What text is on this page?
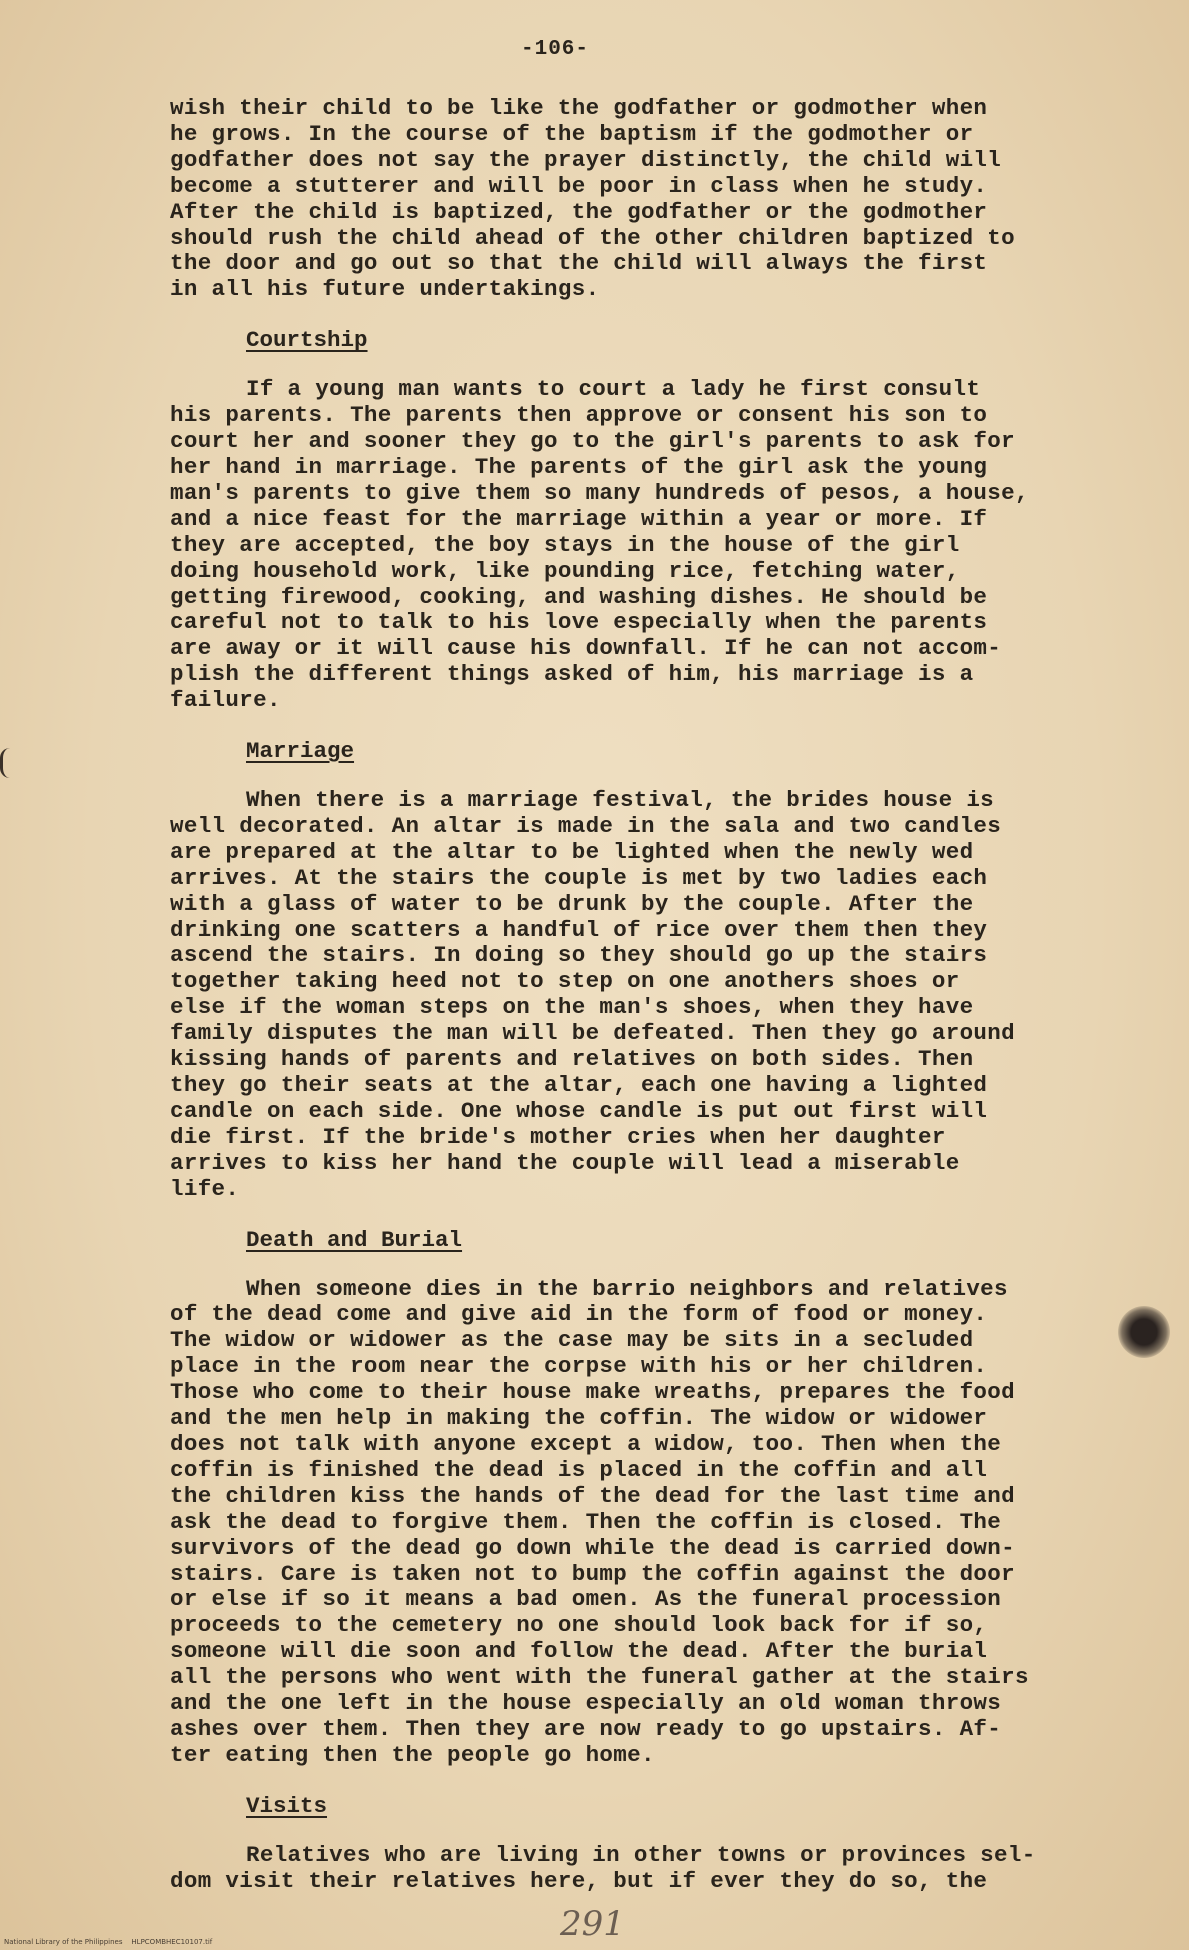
-106-
wish their child to be like the godfather or godmother when
he grows. In the course of the baptism if the godmother or
godfather does not say the prayer distinctly, the child will
become a stutterer and will be poor in class when he study.
After the child is baptized, the godfather or the godmother
should rush the child ahead of the other children baptized to
the door and go out so that the child will always the first
in all his future undertakings.
Courtship
If a young man wants to court a lady he first consult
his parents. The parents then approve or consent his son to
court her and sooner they go to the girl's parents to ask for
her hand in marriage. The parents of the girl ask the young
man's parents to give them so many hundreds of pesos, a house,
and a nice feast for the marriage within a year or more. If
they are accepted, the boy stays in the house of the girl
doing household work, like pounding rice, fetching water,
getting firewood, cooking, and washing dishes. He should be
careful not to talk to his love especially when the parents
are away or it will cause his downfall. If he can not accom-
plish the different things asked of him, his marriage is a
failure.
Marriage
When there is a marriage festival, the brides house is
well decorated. An altar is made in the sala and two candles
are prepared at the altar to be lighted when the newly wed
arrives. At the stairs the couple is met by two ladies each
with a glass of water to be drunk by the couple. After the
drinking one scatters a handful of rice over them then they
ascend the stairs. In doing so they should go up the stairs
together taking heed not to step on one anothers shoes or
else if the woman steps on the man's shoes, when they have
family disputes the man will be defeated. Then they go around
kissing hands of parents and relatives on both sides. Then
they go their seats at the altar, each one having a lighted
candle on each side. One whose candle is put out first will
die first. If the bride's mother cries when her daughter
arrives to kiss her hand the couple will lead a miserable
life.
Death and Burial
When someone dies in the barrio neighbors and relatives
of the dead come and give aid in the form of food or money.
The widow or widower as the case may be sits in a secluded
place in the room near the corpse with his or her children.
Those who come to their house make wreaths, prepares the food
and the men help in making the coffin. The widow or widower
does not talk with anyone except a widow, too. Then when the
coffin is finished the dead is placed in the coffin and all
the children kiss the hands of the dead for the last time and
ask the dead to forgive them. Then the coffin is closed. The
survivors of the dead go down while the dead is carried down-
stairs. Care is taken not to bump the coffin against the door
or else if so it means a bad omen. As the funeral procession
proceeds to the cemetery no one should look back for if so,
someone will die soon and follow the dead. After the burial
all the persons who went with the funeral gather at the stairs
and the one left in the house especially an old woman throws
ashes over them. Then they are now ready to go upstairs. Af-
ter eating then the people go home.
Visits
Relatives who are living in other towns or provinces sel-
dom visit their relatives here, but if ever they do so, the
291
National Library of the Philippines HLPCOMBHEC10107.tif
